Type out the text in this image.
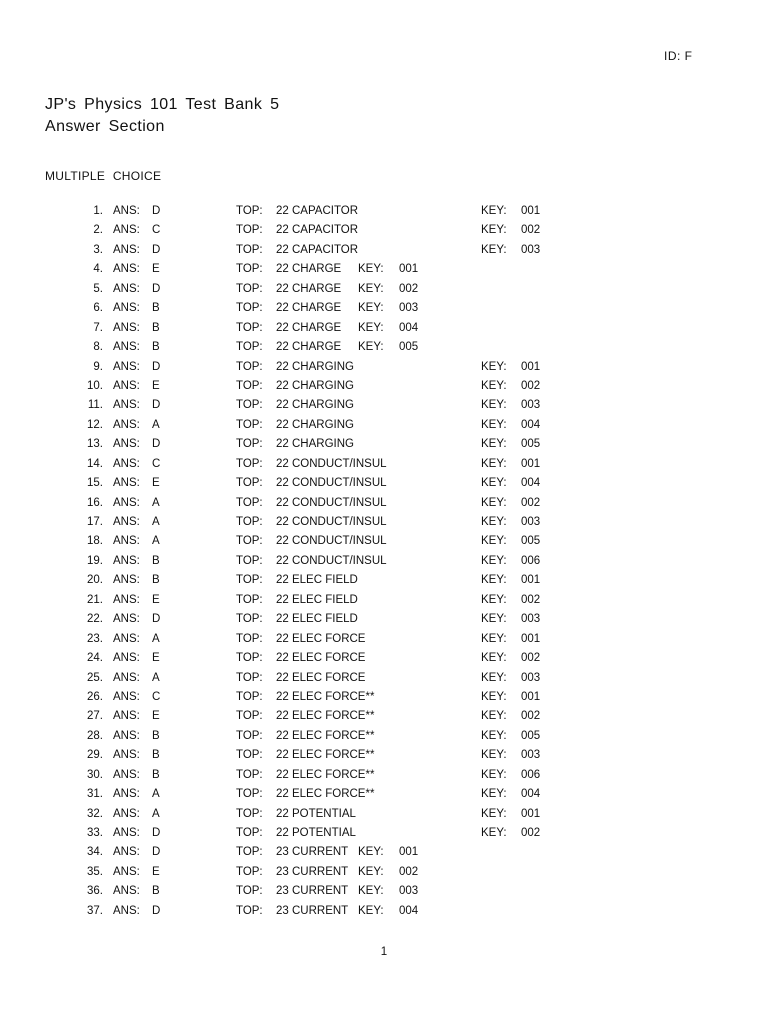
ID: F
JP's Physics 101 Test Bank 5
Answer Section
MULTIPLE CHOICE
1. ANS: D	TOP: 22 CAPACITOR	KEY: 001
2. ANS: C	TOP: 22 CAPACITOR	KEY: 002
3. ANS: D	TOP: 22 CAPACITOR	KEY: 003
4. ANS: E	TOP: 22 CHARGE KEY: 001
5. ANS: D	TOP: 22 CHARGE KEY: 002
6. ANS: B	TOP: 22 CHARGE KEY: 003
7. ANS: B	TOP: 22 CHARGE KEY: 004
8. ANS: B	TOP: 22 CHARGE KEY: 005
9. ANS: D	TOP: 22 CHARGING	KEY: 001
10. ANS: E	TOP: 22 CHARGING	KEY: 002
11. ANS: D	TOP: 22 CHARGING	KEY: 003
12. ANS: A	TOP: 22 CHARGING	KEY: 004
13. ANS: D	TOP: 22 CHARGING	KEY: 005
14. ANS: C	TOP: 22 CONDUCT/INSUL	KEY: 001
15. ANS: E	TOP: 22 CONDUCT/INSUL	KEY: 004
16. ANS: A	TOP: 22 CONDUCT/INSUL	KEY: 002
17. ANS: A	TOP: 22 CONDUCT/INSUL	KEY: 003
18. ANS: A	TOP: 22 CONDUCT/INSUL	KEY: 005
19. ANS: B	TOP: 22 CONDUCT/INSUL	KEY: 006
20. ANS: B	TOP: 22 ELEC FIELD	KEY: 001
21. ANS: E	TOP: 22 ELEC FIELD	KEY: 002
22. ANS: D	TOP: 22 ELEC FIELD	KEY: 003
23. ANS: A	TOP: 22 ELEC FORCE	KEY: 001
24. ANS: E	TOP: 22 ELEC FORCE	KEY: 002
25. ANS: A	TOP: 22 ELEC FORCE	KEY: 003
26. ANS: C	TOP: 22 ELEC FORCE**	KEY: 001
27. ANS: E	TOP: 22 ELEC FORCE**	KEY: 002
28. ANS: B	TOP: 22 ELEC FORCE**	KEY: 005
29. ANS: B	TOP: 22 ELEC FORCE**	KEY: 003
30. ANS: B	TOP: 22 ELEC FORCE**	KEY: 006
31. ANS: A	TOP: 22 ELEC FORCE**	KEY: 004
32. ANS: A	TOP: 22 POTENTIAL	KEY: 001
33. ANS: D	TOP: 22 POTENTIAL	KEY: 002
34. ANS: D	TOP: 23 CURRENT KEY: 001
35. ANS: E	TOP: 23 CURRENT KEY: 002
36. ANS: B	TOP: 23 CURRENT KEY: 003
37. ANS: D	TOP: 23 CURRENT KEY: 004
1
